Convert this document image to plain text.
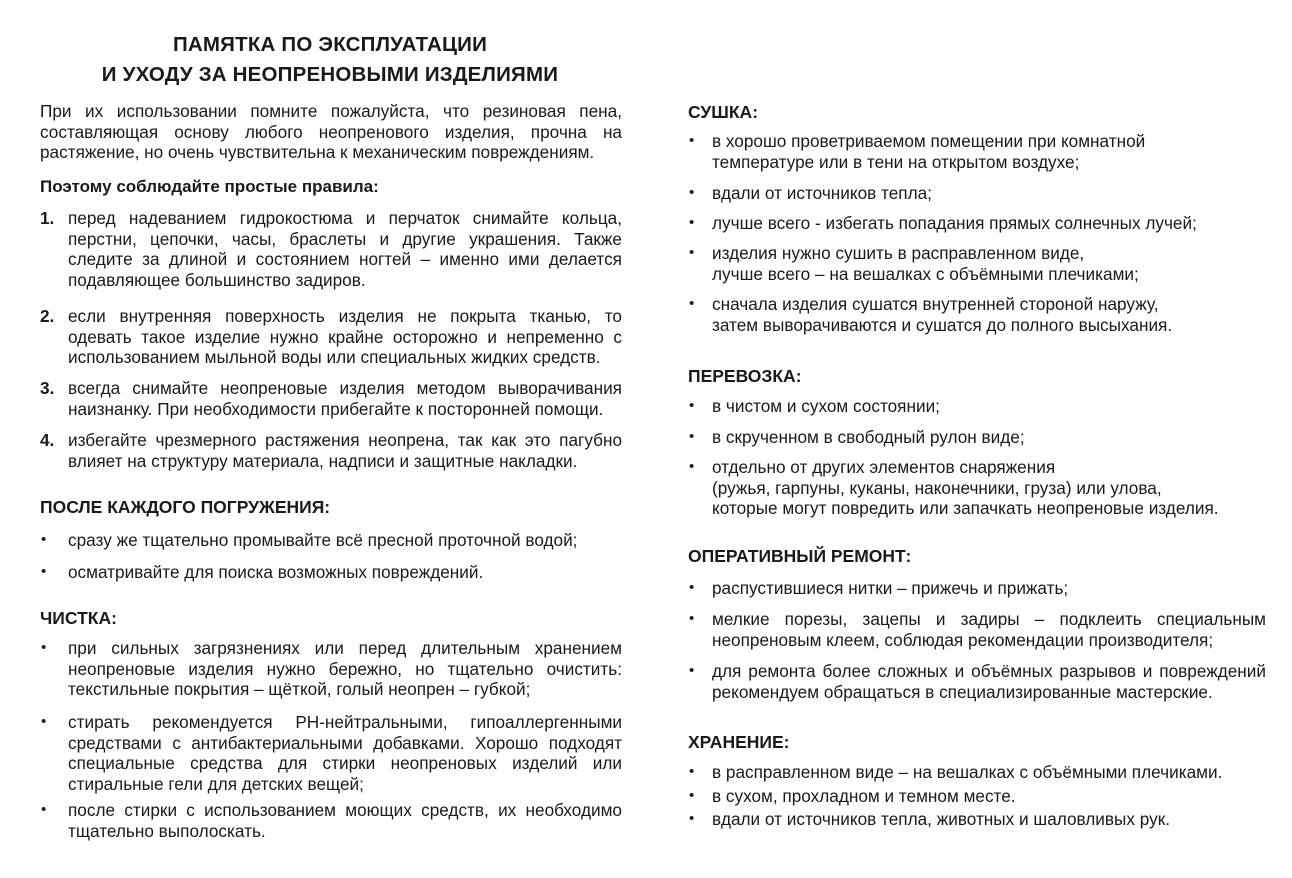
ПАМЯТКА ПО ЭКСПЛУАТАЦИИ
И УХОДУ ЗА НЕОПРЕНОВЫМИ ИЗДЕЛИЯМИ
При их использовании помните пожалуйста, что резиновая пена, составляющая основу любого неопренового изделия, прочна на растяжение, но очень чувствительна к механическим повреждениям.
Поэтому соблюдайте простые правила:
1. перед надеванием гидрокостюма и перчаток снимайте кольца, перстни, цепочки, часы, браслеты и другие украшения. Также следите за длиной и состоянием ногтей – именно ими делается подавляющее большинство задиров.
2. если внутренняя поверхность изделия не покрыта тканью, то одевать такое изделие нужно крайне осторожно и непременно с использованием мыльной воды или специальных жидких средств.
3. всегда снимайте неопреновые изделия методом выворачивания наизнанку. При необходимости прибегайте к посторонней помощи.
4. избегайте чрезмерного растяжения неопрена, так как это пагубно влияет на структуру материала, надписи и защитные накладки.
ПОСЛЕ КАЖДОГО ПОГРУЖЕНИЯ:
• сразу же тщательно промывайте всё пресной проточной водой;
• осматривайте для поиска возможных повреждений.
ЧИСТКА:
• при сильных загрязнениях или перед длительным хранением неопреновые изделия нужно бережно, но тщательно очистить: текстильные покрытия – щёткой, голый неопрен – губкой;
• стирать рекомендуется PH-нейтральными, гипоаллергенными средствами с антибактериальными добавками. Хорошо подходят специальные средства для стирки неопреновых изделий или стиральные гели для детских вещей;
• после стирки с использованием моющих средств, их необходимо тщательно выполоскать.
СУШКА:
• в хорошо проветриваемом помещении при комнатной
температуре или в тени на открытом воздухе;
• вдали от источников тепла;
• лучше всего - избегать попадания прямых солнечных лучей;
• изделия нужно сушить в расправленном виде,
лучше всего – на вешалках с объёмными плечиками;
• сначала изделия сушатся внутренней стороной наружу,
затем выворачиваются и сушатся до полного высыхания.
ПЕРЕВОЗКА:
• в чистом и сухом состоянии;
• в скрученном в свободный рулон виде;
• отдельно от других элементов снаряжения
(ружья, гарпуны, куканы, наконечники, груза) или улова,
которые могут повредить или запачкать неопреновые изделия.
ОПЕРАТИВНЫЙ РЕМОНТ:
• распустившиеся нитки – прижечь и прижать;
• мелкие порезы, зацепы и задиры – подклеить специальным неопреновым клеем, соблюдая рекомендации производителя;
• для ремонта более сложных и объёмных разрывов и повреждений рекомендуем обращаться в специализированные мастерские.
ХРАНЕНИЕ:
• в расправленном виде – на вешалках с объёмными плечиками.
• в сухом, прохладном и темном месте.
• вдали от источников тепла, животных и шаловливых рук.
